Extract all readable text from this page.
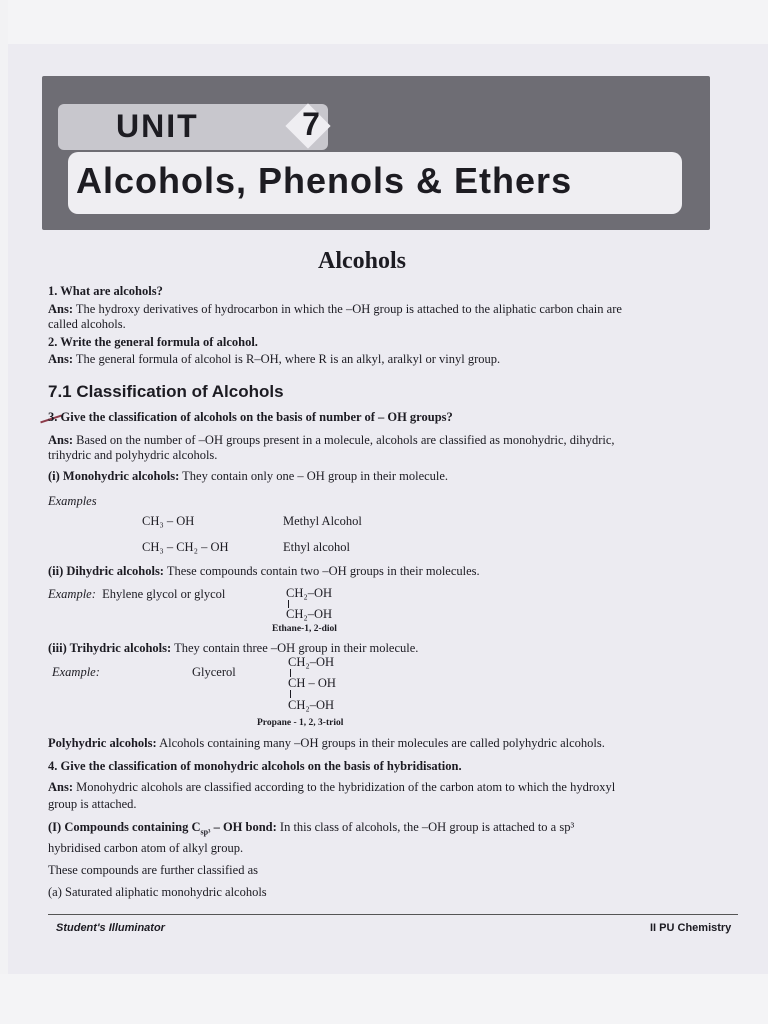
UNIT	7
Alcohols, Phenols & Ethers
Alcohols
1. What are alcohols?
Ans: The hydroxy derivatives of hydrocarbon in which the –OH group is attached to the aliphatic carbon chain are
called alcohols.
2. Write the general formula of alcohol.
Ans: The general formula of alcohol is R–OH, where R is an alkyl, aralkyl or vinyl group.
7.1 Classification of Alcohols
3. Give the classification of alcohols on the basis of number of – OH groups?
Ans: Based on the number of –OH groups present in a molecule, alcohols are classified as monohydric, dihydric,
trihydric and polyhydric alcohols.
(i) Monohydric alcohols: They contain only one – OH group in their molecule.
Examples
CH₃ – OH	Methyl Alcohol
CH₃ – CH₂ – OH	Ethyl alcohol
(ii) Dihydric alcohols: These compounds contain two –OH groups in their molecules.
Example: Ehylene glycol or glycol	CH₂–OH
CH₂–OH
Ethane-1, 2-diol
(iii) Trihydric alcohols: They contain three –OH group in their molecule.
Example:	Glycerol
CH₂–OH
CH – OH
CH₂–OH
Propane - 1, 2, 3-triol
Polyhydric alcohols: Alcohols containing many –OH groups in their molecules are called polyhydric alcohols.
4. Give the classification of monohydric alcohols on the basis of hybridisation.
Ans: Monohydric alcohols are classified according to the hybridization of the carbon atom to which the hydroxyl
group is attached.
(I) Compounds containing $C_{sp^3}$ – OH bond: In this class of alcohols, the –OH group is attached to a sp³
hybridised carbon atom of alkyl group.
These compounds are further classified as
(a) Saturated aliphatic monohydric alcohols
Student's Illuminator	II PU Chemistry
